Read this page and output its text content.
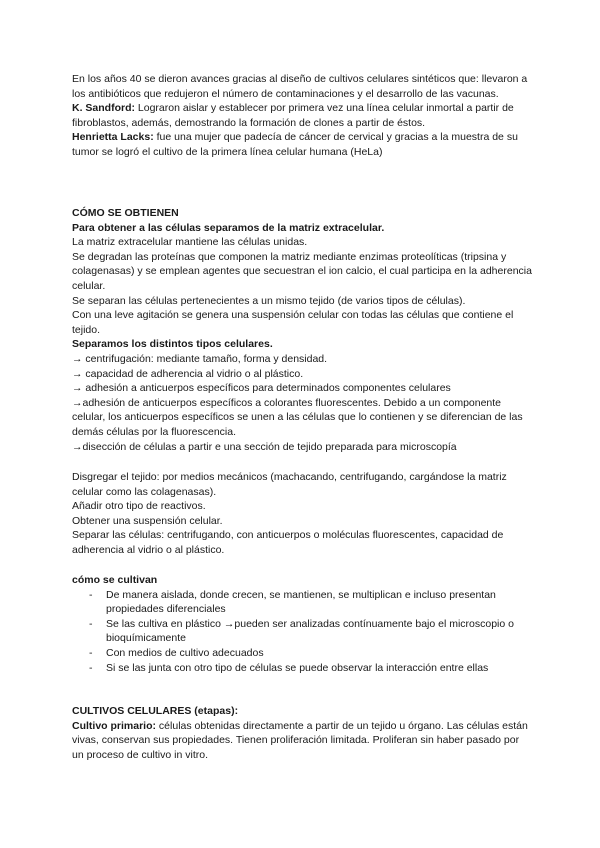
En los años 40 se dieron avances gracias al diseño de cultivos celulares sintéticos que: llevaron a los antibióticos que redujeron el número de contaminaciones y el desarrollo de las vacunas.

K. Sandford: Lograron aislar y establecer por primera vez una línea celular inmortal a partir de fibroblastos, además, demostrando la formación de clones a partir de éstos.

Henrietta Lacks: fue una mujer que padecía de cáncer de cervical y gracias a la muestra de su tumor se logró el cultivo de la primera línea celular humana (HeLa)

CÓMO SE OBTIENEN

Para obtener a las células separamos de la matriz extracelular.

La matriz extracelular mantiene las células unidas.

Se degradan las proteínas que componen la matriz mediante enzimas proteolíticas (tripsina y colagenasas) y se emplean agentes que secuestran el ion calcio, el cual participa en la adherencia celular.

Se separan las células pertenecientes a un mismo tejido (de varios tipos de células).

Con una leve agitación se genera una suspensión celular con todas las células que contiene el tejido.

Separamos los distintos tipos celulares.

→ centrifugación: mediante tamaño, forma y densidad.

→ capacidad de adherencia al vidrio o al plástico.

→ adhesión a anticuerpos específicos para determinados componentes celulares

→adhesión de anticuerpos específicos a colorantes fluorescentes. Debido a un componente celular, los anticuerpos específicos se unen a las células que lo contienen y se diferencian de las demás células por la fluorescencia.

→disección de células a partir e una sección de tejido preparada para microscopía

Disgregar el tejido: por medios mecánicos (machacando, centrifugando, cargándose la matriz celular como las colagenasas).

Añadir otro tipo de reactivos.

Obtener una suspensión celular.

Separar las células: centrifugando, con anticuerpos o moléculas fluorescentes, capacidad de adherencia al vidrio o al plástico.

cómo se cultivan

- De manera aislada, donde crecen, se mantienen, se multiplican e incluso presentan propiedades diferenciales
- Se las cultiva en plástico →pueden ser analizadas contínuamente bajo el microscopio o bioquímicamente
- Con medios de cultivo adecuados
- Si se las junta con otro tipo de células se puede observar la interacción entre ellas

CULTIVOS CELULARES (etapas):

Cultivo primario: células obtenidas directamente a partir de un tejido u órgano. Las células están vivas, conservan sus propiedades. Tienen proliferación limitada. Proliferan sin haber pasado por un proceso de cultivo in vitro.
